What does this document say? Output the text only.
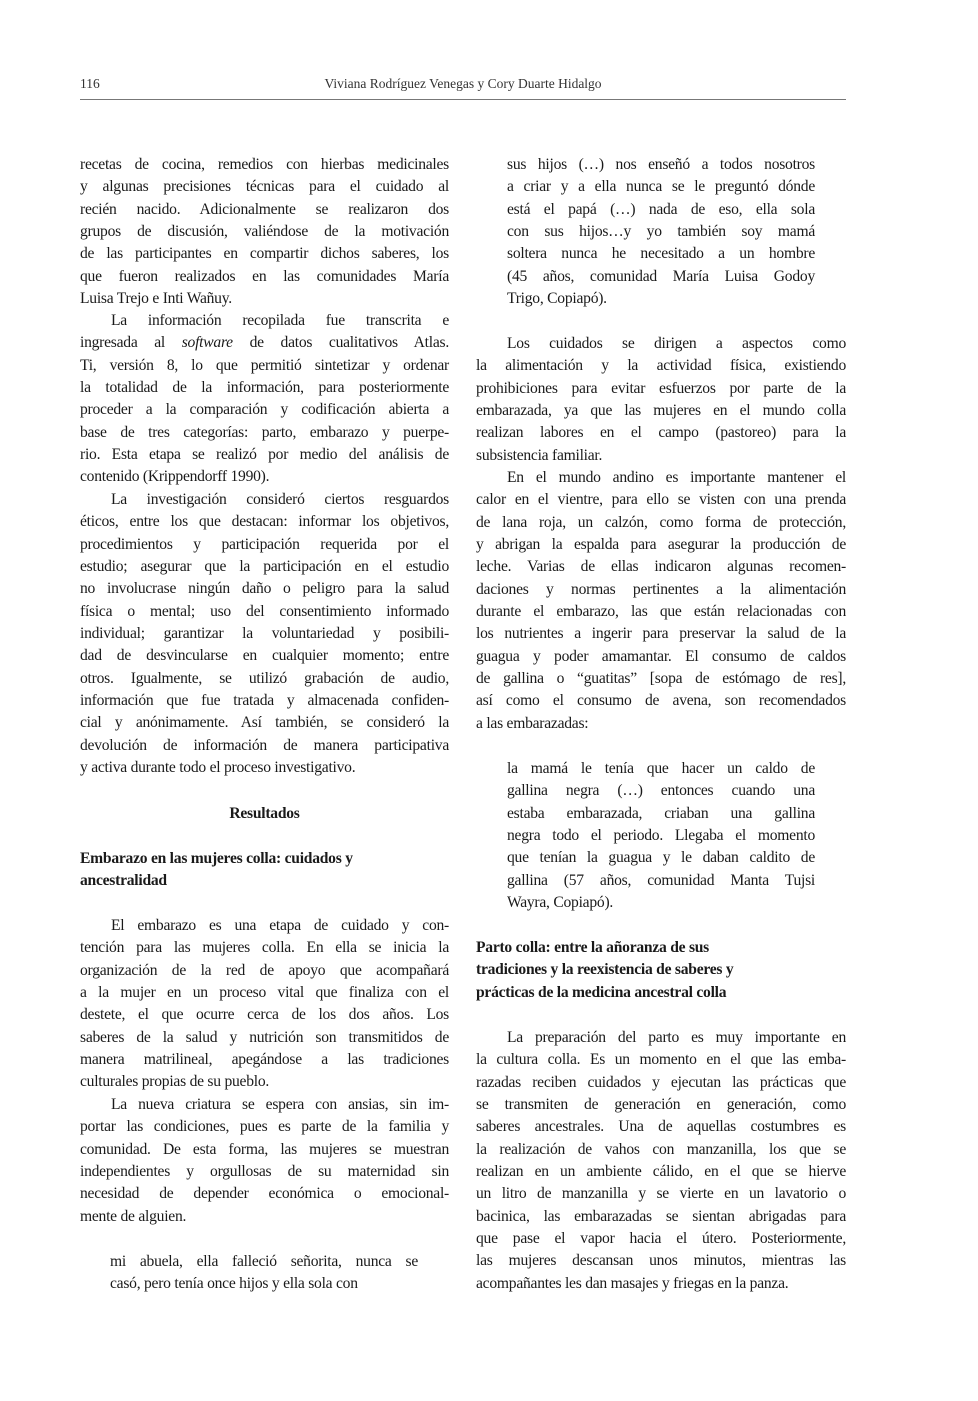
116	Viviana Rodríguez Venegas y Cory Duarte Hidalgo
recetas de cocina, remedios con hierbas medicinales
y algunas precisiones técnicas para el cuidado al
recién nacido. Adicionalmente se realizaron dos
grupos de discusión, valiéndose de la motivación
de las participantes en compartir dichos saberes, los
que fueron realizados en las comunidades María
Luisa Trejo e Inti Wañuy.
La información recopilada fue transcrita e
ingresada al software de datos cualitativos Atlas.
Ti, versión 8, lo que permitió sintetizar y ordenar
la totalidad de la información, para posteriormente
proceder a la comparación y codificación abierta a
base de tres categorías: parto, embarazo y puerpe-
rio. Esta etapa se realizó por medio del análisis de
contenido (Krippendorff 1990).
La investigación consideró ciertos resguardos
éticos, entre los que destacan: informar los objetivos,
procedimientos y participación requerida por el
estudio; asegurar que la participación en el estudio
no involucrase ningún daño o peligro para la salud
física o mental; uso del consentimiento informado
individual; garantizar la voluntariedad y posibili-
dad de desvincularse en cualquier momento; entre
otros. Igualmente, se utilizó grabación de audio,
información que fue tratada y almacenada confiden-
cial y anónimamente. Así también, se consideró la
devolución de información de manera participativa
y activa durante todo el proceso investigativo.
Resultados
Embarazo en las mujeres colla: cuidados y
ancestralidad
El embarazo es una etapa de cuidado y con-
tención para las mujeres colla. En ella se inicia la
organización de la red de apoyo que acompañará
a la mujer en un proceso vital que finaliza con el
destete, el que ocurre cerca de los dos años. Los
saberes de la salud y nutrición son transmitidos de
manera matrilineal, apegándose a las tradiciones
culturales propias de su pueblo.
La nueva criatura se espera con ansias, sin im-
portar las condiciones, pues es parte de la familia y
comunidad. De esta forma, las mujeres se muestran
independientes y orgullosas de su maternidad sin
necesidad de depender económica o emocional-
mente de alguien.
mi abuela, ella falleció señorita, nunca se
casó, pero tenía once hijos y ella sola con
sus hijos (…) nos enseñó a todos nosotros
a criar y a ella nunca se le preguntó dónde
está el papá (…) nada de eso, ella sola
con sus hijos…y yo también soy mamá
soltera nunca he necesitado a un hombre
(45 años, comunidad María Luisa Godoy
Trigo, Copiapó).
Los cuidados se dirigen a aspectos como
la alimentación y la actividad física, existiendo
prohibiciones para evitar esfuerzos por parte de la
embarazada, ya que las mujeres en el mundo colla
realizan labores en el campo (pastoreo) para la
subsistencia familiar.
En el mundo andino es importante mantener el
calor en el vientre, para ello se visten con una prenda
de lana roja, un calzón, como forma de protección,
y abrigan la espalda para asegurar la producción de
leche. Varias de ellas indicaron algunas recomen-
daciones y normas pertinentes a la alimentación
durante el embarazo, las que están relacionadas con
los nutrientes a ingerir para preservar la salud de la
guagua y poder amamantar. El consumo de caldos
de gallina o “guatitas” [sopa de estómago de res],
así como el consumo de avena, son recomendados
a las embarazadas:
la mamá le tenía que hacer un caldo de
gallina negra (…) entonces cuando una
estaba embarazada, criaban una gallina
negra todo el periodo. Llegaba el momento
que tenían la guagua y le daban caldito de
gallina (57 años, comunidad Manta Tujsi
Wayra, Copiapó).
Parto colla: entre la añoranza de sus
tradiciones y la reexistencia de saberes y
prácticas de la medicina ancestral colla
La preparación del parto es muy importante en
la cultura colla. Es un momento en el que las emba-
razadas reciben cuidados y ejecutan las prácticas que
se transmiten de generación en generación, como
saberes ancestrales. Una de aquellas costumbres es
la realización de vahos con manzanilla, los que se
realizan en un ambiente cálido, en el que se hierve
un litro de manzanilla y se vierte en un lavatorio o
bacinica, las embarazadas se sientan abrigadas para
que pase el vapor hacia el útero. Posteriormente,
las mujeres descansan unos minutos, mientras las
acompañantes les dan masajes y friegas en la panza.
